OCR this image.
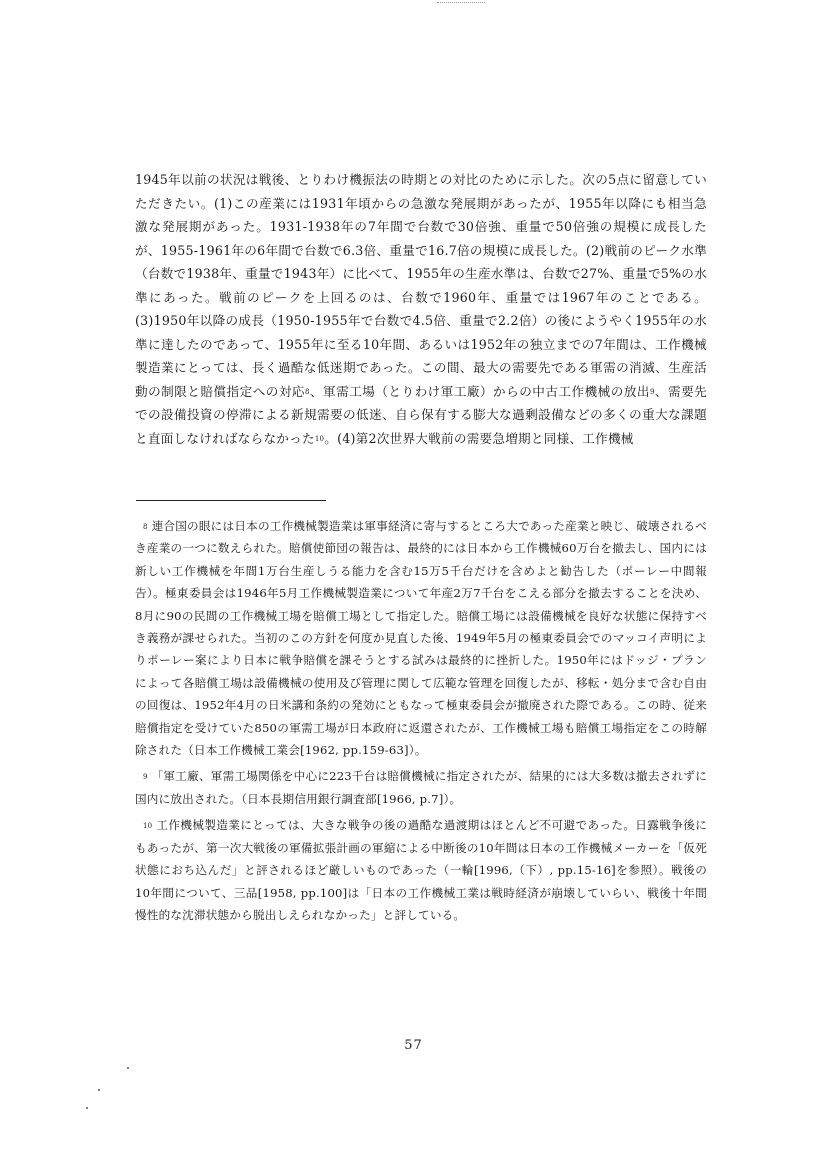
1945年以前の状況は戦後、とりわけ機振法の時期との対比のために示した。次の5点に留意していただきたい。(1)この産業には1931年頃からの急激な発展期があったが、1955年以降にも相当急激な発展期があった。1931-1938年の7年間で台数で30倍強、重量で50倍強の規模に成長したが、1955-1961年の6年間で台数で6.3倍、重量で16.7倍の規模に成長した。(2)戦前のピーク水準（台数で1938年、重量で1943年）に比べて、1955年の生産水準は、台数で27%、重量で5%の水準にあった。戦前のピークを上回るのは、台数で1960年、重量では1967年のことである。(3)1950年以降の成長（1950-1955年で台数で4.5倍、重量で2.2倍）の後にようやく1955年の水準に達したのであって、1955年に至る10年間、あるいは1952年の独立までの7年間は、工作機械製造業にとっては、長く過酷な低迷期であった。この間、最大の需要先である軍需の消滅、生産活動の制限と賠償指定への対応$^8$、軍需工場（とりわけ軍工廠）からの中古工作機械の放出$^9$、需要先での設備投資の停滞による新規需要の低迷、自ら保有する膨大な過剰設備などの多くの重大な課題と直面しなければならなかった$^{10}$。(4)第2次世界大戦前の需要急増期と同様、工作機械

$^8$ 連合国の眼には日本の工作機械製造業は軍事経済に寄与するところ大であった産業と映じ、破壊されるべき産業の一つに数えられた。賠償使節団の報告は、最終的には日本から工作機械60万台を撤去し、国内には新しい工作機械を年間1万台生産しうる能力を含む15万5千台だけを含めよと勧告した（ポーレー中間報告）。極東委員会は1946年5月工作機械製造業について年産2万7千台をこえる部分を撤去することを決め、8月に90の民間の工作機械工場を賠償工場として指定した。賠償工場には設備機械を良好な状態に保持すべき義務が課せられた。当初のこの方針を何度か見直した後、1949年5月の極東委員会でのマッコイ声明によりポーレー案により日本に戦争賠償を課そうとする試みは最終的に挫折した。1950年にはドッジ・プランによって各賠償工場は設備機械の使用及び管理に関して広範な管理を回復したが、移転・処分まで含む自由の回復は、1952年4月の日米講和条約の発効にともなって極東委員会が撤廃された際である。この時、従来賠償指定を受けていた850の軍需工場が日本政府に返還されたが、工作機械工場も賠償工場指定をこの時解除された（日本工作機械工業会[1962, pp.159-63]）。

$^9$ 「軍工廠、軍需工場関係を中心に223千台は賠償機械に指定されたが、結果的には大多数は撤去されずに国内に放出された。（日本長期信用銀行調査部[1966, p.7]）。

$^{10}$ 工作機械製造業にとっては、大きな戦争の後の過酷な過渡期はほとんど不可避であった。日露戦争後にもあったが、第一次大戦後の軍備拡張計画の軍縮による中断後の10年間は日本の工作機械メーカーを「仮死状態におち込んだ」と評されるほど厳しいものであった（一輪[1996,（下）, pp.15-16]を参照）。戦後の10年間について、三品[1958, pp.100]は「日本の工作機械工業は戦時経済が崩壊していらい、戦後十年間慢性的な沈滞状態から脱出しえられなかった」と評している。

57
